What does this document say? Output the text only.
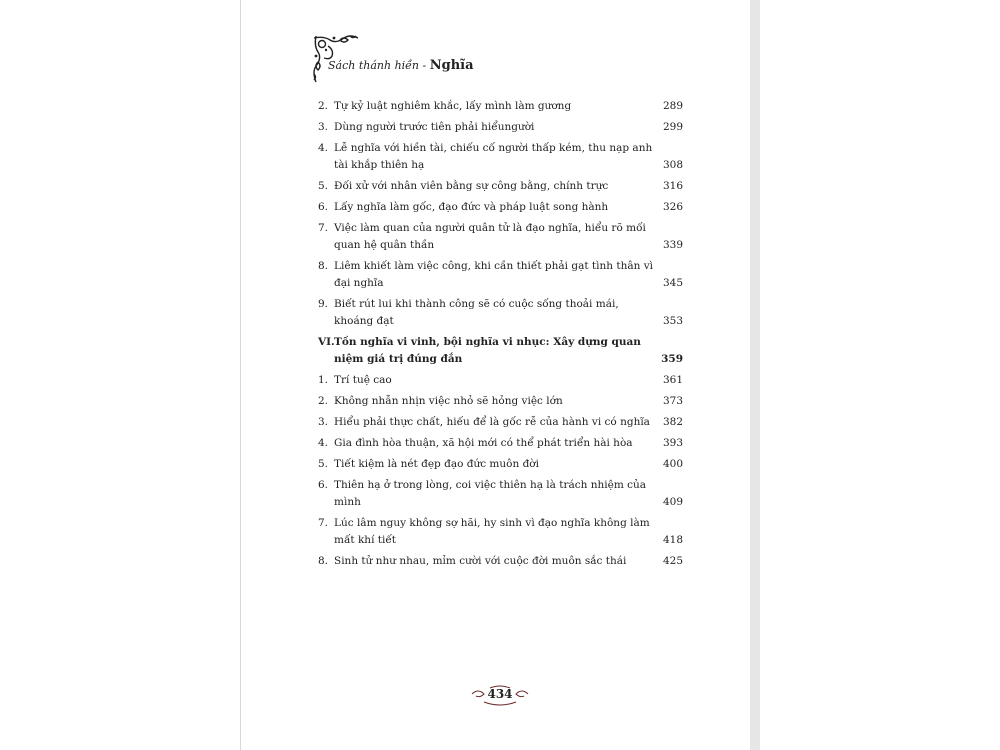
Sách thánh hiền - Nghĩa
2. Tự kỷ luật nghiêm khắc, lấy mình làm gương	289
3. Dùng người trước tiên phải hiểungười	299
4. Lễ nghĩa với hiền tài, chiếu cố người thấp kém, thu nạp anh tài khắp thiên hạ	308
5. Đối xử với nhân viên bằng sự công bằng, chính trực	316
6. Lấy nghĩa làm gốc, đạo đức và pháp luật song hành	326
7. Việc làm quan của người quân tử là đạo nghĩa, hiểu rõ mối quan hệ quân thần	339
8. Liêm khiết làm việc công, khi cần thiết phải gạt tình thân vì đại nghĩa	345
9. Biết rút lui khi thành công sẽ có cuộc sống thoải mái, khoáng đạt	353
VI. Tồn nghĩa vi vinh, bội nghĩa vi nhục: Xây dựng quan niệm giá trị đúng đắn	359
1. Trí tuệ cao	361
2. Không nhẫn nhịn việc nhỏ sẽ hỏng việc lớn	373
3. Hiểu phải thực chất, hiếu để là gốc rễ của hành vi có nghĩa 382
4. Gia đình hòa thuận, xã hội mới có thể phát triển hài hòa	393
5. Tiết kiệm là nét đẹp đạo đức muôn đời	400
6. Thiên hạ ở trong lòng, coi việc thiên hạ là trách nhiệm của mình	409
7. Lúc lâm nguy không sợ hãi, hy sinh vì đạo nghĩa không làm mất khí tiết	418
8. Sinh tử như nhau, mỉm cười với cuộc đời muôn sắc thái	425
434
